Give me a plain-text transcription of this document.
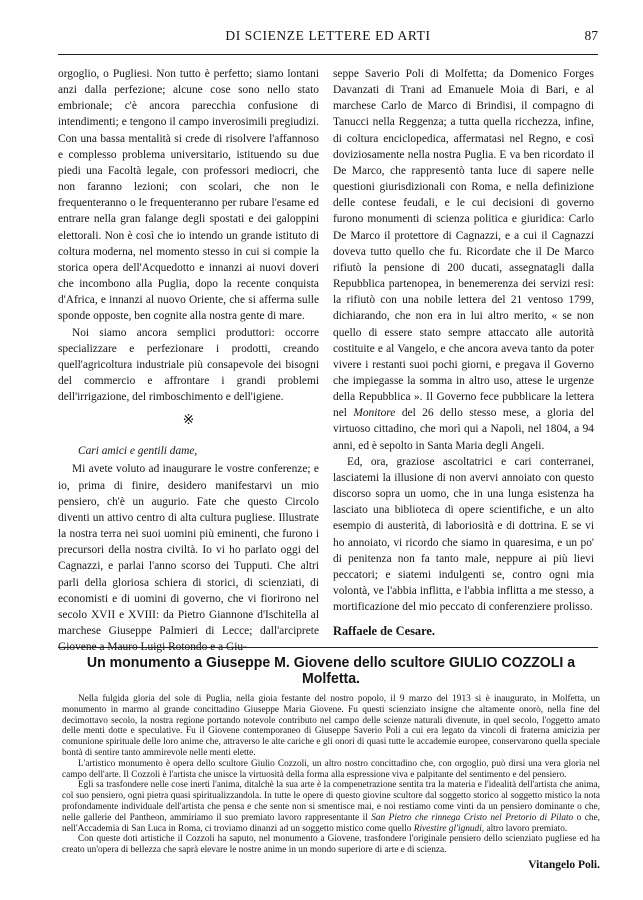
DI SCIENZE LETTERE ED ARTI	87

orgoglio, o Pugliesi. Non tutto è perfetto; siamo lontani anzi dalla perfezione; alcune cose sono nello stato embrionale; c'è ancora parecchia confusione di intendimenti; e tengono il campo inverosimili pregiudizi. Con una bassa mentalità si crede di risolvere l'affannoso e complesso problema universitario, istituendo su due piedi una Facoltà legale, con professori mediocri, che non faranno lezioni; con scolari, che non le frequenteranno o le frequenteranno per rubare l'esame ed entrare nella gran falange degli spostati e dei galoppini elettorali. Non è così che io intendo un grande istituto di coltura moderna, nel momento stesso in cui si compie la storica opera dell'Acquedotto e innanzi ai nuovi doveri che incombono alla Puglia, dopo la recente conquista d'Africa, e innanzi al nuovo Oriente, che si afferma sulle sponde opposte, ben cognite alla nostra gente di mare.

Noi siamo ancora semplici produttori: occorre specializzare e perfezionare i prodotti, creando quell'agricoltura industriale più consapevole dei bisogni del commercio e affrontare i grandi problemi dell'irrigazione, del rimboschimento e dell'igiene.

※

Cari amici e gentili dame,

Mi avete voluto ad inaugurare le vostre conferenze; e io, prima di finire, desidero manifestarvi un mio pensiero, ch'è un augurio. Fate che questo Circolo diventi un attivo centro di alta cultura pugliese. Illustrate la nostra terra nei suoi uomini più eminenti, che furono i precursori della nostra civiltà. Io vi ho parlato oggi del Cagnazzi, e parlai l'anno scorso dei Tupputi. Che altri parli della gloriosa schiera di storici, di scienziati, di economisti e di uomini di governo, che vi fiorirono nel secolo XVII e XVIII: da Pietro Giannone d'Ischitella al marchese Giuseppe Palmieri di Lecce; dall'arciprete Giovene a Mauro Luigi Rotondo e a Giu-

seppe Saverio Poli di Molfetta; da Domenico Forges Davanzati di Trani ad Emanuele Moia di Bari, e al marchese Carlo de Marco di Brindisi, il compagno di Tanucci nella Reggenza; a tutta quella ricchezza, infine, di coltura enciclopedica, affermatasi nel Regno, e così doviziosamente nella nostra Puglia. E va ben ricordato il De Marco, che rappresentò tanta luce di sapere nelle questioni giurisdizionali con Roma, e nella definizione delle contese feudali, e le cui decisioni di governo furono monumenti di scienza politica e giuridica: Carlo De Marco il protettore di Cagnazzi, e a cui il Cagnazzi doveva tutto quello che fu. Ricordate che il De Marco rifiutò la pensione di 200 ducati, assegnatagli dalla Repubblica partenopea, in benemerenza dei servizi resi: la rifiutò con una nobile lettera del 21 ventoso 1799, dichiarando, che non era in lui altro merito, « se non quello di essere stato sempre attaccato alle autorità costituite e al Vangelo, e che ancora aveva tanto da poter vivere i restanti suoi pochi giorni, e pregava il Governo che impiegasse la somma in altro uso, attese le urgenze della Repubblica ». Il Governo fece pubblicare la lettera nel Monitore del 26 dello stesso mese, a gloria del virtuoso cittadino, che morì qui a Napoli, nel 1804, a 94 anni, ed è sepolto in Santa Maria degli Angeli.

Ed, ora, graziose ascoltatrici e cari conterranei, lasciatemi la illusione di non avervi annoiato con questo discorso sopra un uomo, che in una lunga esistenza ha lasciato una biblioteca di opere scientifiche, e un alto esempio di austerità, di laboriosità e di dottrina. E se vi ho annoiato, vi ricordo che siamo in quaresima, e un po' di penitenza non fa tanto male, neppure ai più lievi peccatori; e siatemi indulgenti se, contro ogni mia volontà, ve l'abbia inflitta, e l'abbia inflitta a me stesso, a mortificazione del mio peccato di conferenziere prolisso.

Raffaele de Cesare.

Un monumento a Giuseppe M. Giovene dello scultore GIULIO COZZOLI a Molfetta.

Nella fulgida gloria del sole di Puglia, nella gioia festante del nostro popolo, il 9 marzo del 1913 si è inaugurato, in Molfetta, un monumento in marmo al grande concittadino Giuseppe Maria Giovene. Fu questi scienziato insigne che altamente onorò, nella fine del decimottavo secolo, la nostra regione portando notevole contributo nel campo delle scienze naturali divenute, in quel secolo, l'oggetto amato delle menti dotte e speculative. Fu il Giovene contemporaneo di Giuseppe Saverio Poli a cui era legato da vincoli di fraterna amicizia per comunione spirituale delle loro anime che, attraverso le alte cariche e gli onori di quasi tutte le accademie europee, conservarono quella speciale bontà di sentire tanto ammirevole nelle menti elette.

L'artistico monumento è opera dello scultore Giulio Cozzoli, un altro nostro concittadino che, con orgoglio, può dirsi una vera gloria nel campo dell'arte. Il Cozzoli è l'artista che unisce la virtuosità della forma alla espressione viva e palpitante del sentimento e del pensiero.

Egli sa trasfondere nelle cose inerti l'anima, ditalchè la sua arte è la compenetrazione sentita tra la materia e l'idealità dell'artista che anima, col suo pensiero, ogni pietra quasi spiritualizzandola. In tutte le opere di questo giovine scultore dal soggetto storico al soggetto mistico la nota profondamente individuale dell'artista che pensa e che sente non si smentisce mai, e noi restiamo come vinti da un pensiero dominante o che, nelle gallerie del Pantheon, ammiriamo il suo premiato lavoro rappresentante il San Pietro che rinnega Cristo nel Pretorio di Pilato o che, nell'Accademia di San Luca in Roma, ci troviamo dinanzi ad un soggetto mistico come quello Rivestire gl'ignudi, altro lavoro premiato.

Con queste doti artistiche il Cozzoli ha saputo, nel monumento a Giovene, trasfondere l'originale pensiero dello scienziato pugliese ed ha creato un'opera di bellezza che saprà elevare le nostre anime in un mondo superiore di arte e di scienza.

Vitangelo Poli.
